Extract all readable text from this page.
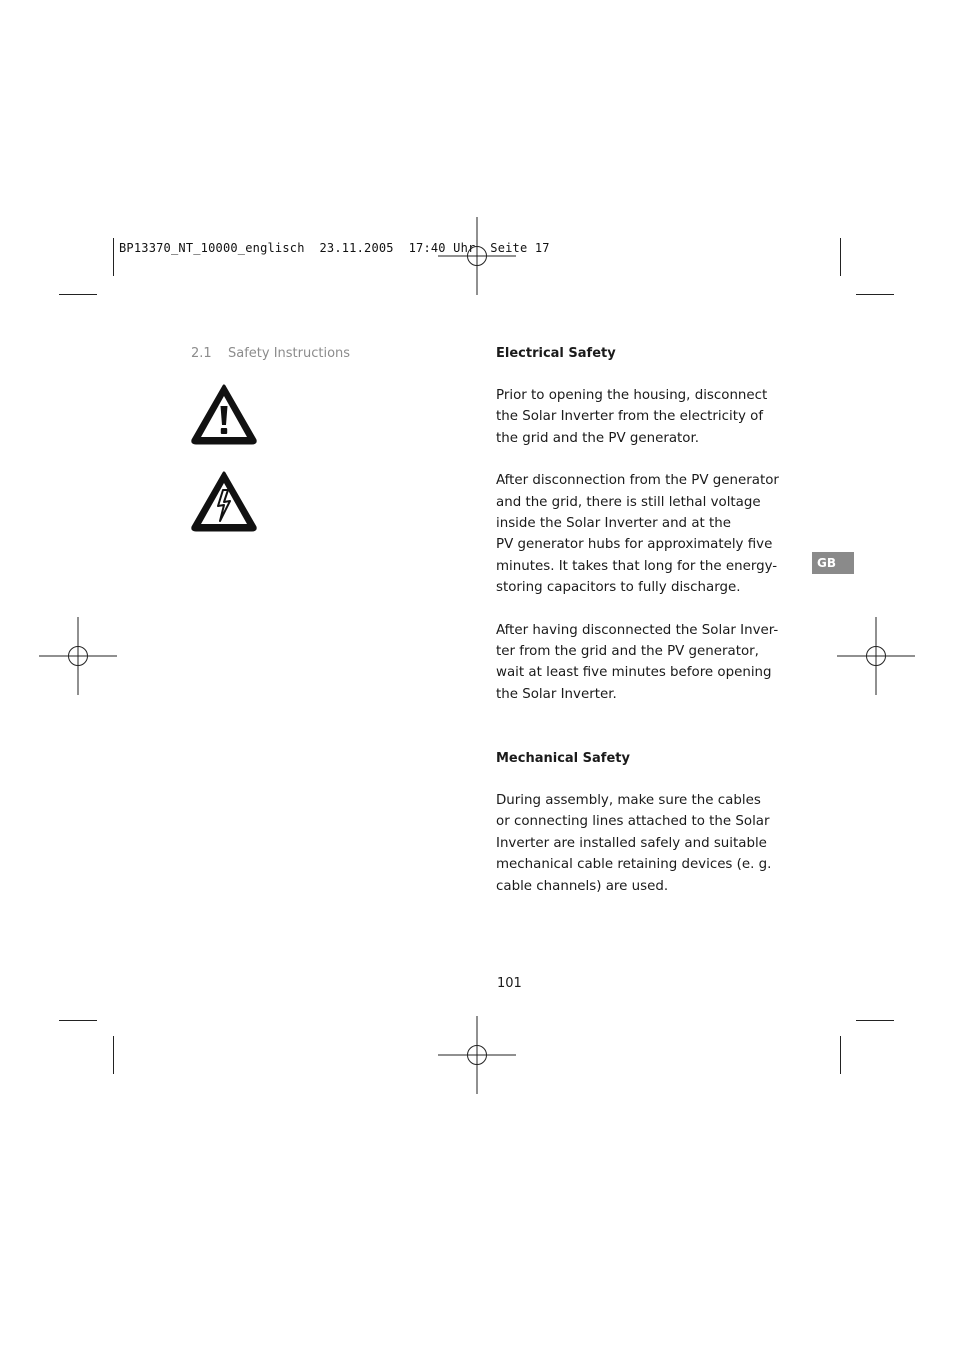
BP13370_NT_10000_englisch 23.11.2005 17:40 Uhr Seite 17
2.1 Safety Instructions	Electrical Safety

Prior to opening the housing, disconnect
the Solar Inverter from the electricity of
the grid and the PV generator.

After disconnection from the PV generator
and the grid, there is still lethal voltage
inside the Solar Inverter and at the
PV generator hubs for approximately five
minutes. It takes that long for the energy-
storing capacitors to fully discharge.

After having disconnected the Solar Inver-
ter from the grid and the PV generator,
wait at least five minutes before opening
the Solar Inverter.

Mechanical Safety

During assembly, make sure the cables
or connecting lines attached to the Solar
Inverter are installed safely and suitable
mechanical cable retaining devices (e. g.
cable channels) are used.

GB
101
